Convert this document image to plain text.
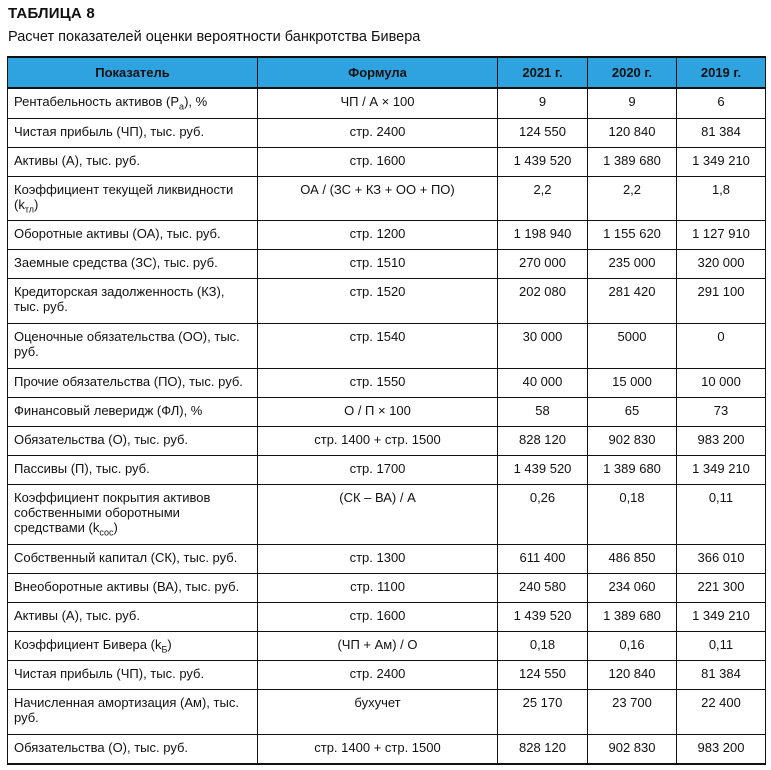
ТАБЛИЦА 8
Расчет показателей оценки вероятности банкротства Бивера
Показатель	Формула	2021 г.	2020 г.	2019 г.
Рентабельность активов $(P_а)$, %	ЧП / А × 100	9	9	6
Чистая прибыль (ЧП), тыс. руб.	стр. 2400	124 550	120 840	81 384
Активы (А), тыс. руб.	стр. 1600	1 439 520	1 389 680	1 349 210
Коэффициент текущей ликвидности $(k_{тл})$	ОА / (ЗС + КЗ + ОО + ПО)	2,2	2,2	1,8
Оборотные активы (ОА), тыс. руб.	стр. 1200	1 198 940	1 155 620	1 127 910
Заемные средства (ЗС), тыс. руб.	стр. 1510	270 000	235 000	320 000
Кредиторская задолженность (КЗ), тыс. руб.	стр. 1520	202 080	281 420	291 100
Оценочные обязательства (ОО), тыс. руб.	стр. 1540	30 000	5000	0
Прочие обязательства (ПО), тыс. руб.	стр. 1550	40 000	15 000	10 000
Финансовый леверидж (ФЛ), %	О / П × 100	58	65	73
Обязательства (О), тыс. руб.	стр. 1400 + стр. 1500	828 120	902 830	983 200
Пассивы (П), тыс. руб.	стр. 1700	1 439 520	1 389 680	1 349 210
Коэффициент покрытия активов собственными оборотными средствами $(k_{сос})$	(СК – ВА) / А	0,26	0,18	0,11
Собственный капитал (СК), тыс. руб.	стр. 1300	611 400	486 850	366 010
Внеоборотные активы (ВА), тыс. руб.	стр. 1100	240 580	234 060	221 300
Активы (А), тыс. руб.	стр. 1600	1 439 520	1 389 680	1 349 210
Коэффициент Бивера $(k_Б)$	(ЧП + Ам) / О	0,18	0,16	0,11
Чистая прибыль (ЧП), тыс. руб.	стр. 2400	124 550	120 840	81 384
Начисленная амортизация (Ам), тыс. руб.	бухучет	25 170	23 700	22 400
Обязательства (О), тыс. руб.	стр. 1400 + стр. 1500	828 120	902 830	983 200
